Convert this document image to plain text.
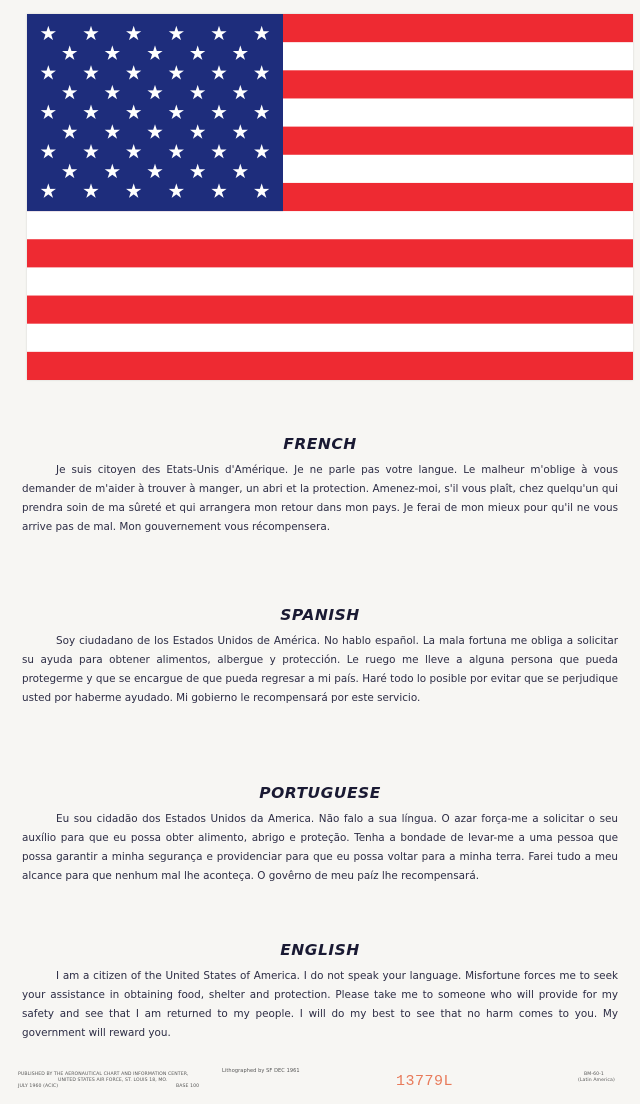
FRENCH

Je suis citoyen des Etats-Unis d'Amérique. Je ne parle pas votre langue. Le malheur m'oblige à vous demander de m'aider à trouver à manger, un abri et la protection. Amenez-moi, s'il vous plaît, chez quelqu'un qui prendra soin de ma sûreté et qui arrangera mon retour dans mon pays. Je ferai de mon mieux pour qu'il ne vous arrive pas de mal. Mon gouvernement vous récompensera.

SPANISH

Soy ciudadano de los Estados Unidos de América. No hablo español. La mala fortuna me obliga a solicitar su ayuda para obtener alimentos, albergue y protección. Le ruego me lleve a alguna persona que pueda protegerme y que se encargue de que pueda regresar a mi país. Haré todo lo posible por evitar que se perjudique usted por haberme ayudado. Mi gobierno le recompensará por este servicio.

PORTUGUESE

Eu sou cidadão dos Estados Unidos da America. Não falo a sua língua. O azar força-me a solicitar o seu auxílio para que eu possa obter alimento, abrigo e proteção. Tenha a bondade de levar-me a uma pessoa que possa garantir a minha segurança e providenciar para que eu possa voltar para a minha terra. Farei tudo a meu alcance para que nenhum mal lhe aconteça. O govêrno de meu paíz lhe recompensará.

ENGLISH

I am a citizen of the United States of America. I do not speak your language. Misfortune forces me to seek your assistance in obtaining food, shelter and protection. Please take me to someone who will provide for my safety and see that I am returned to my people. I will do my best to see that no harm comes to you. My government will reward you.

PUBLISHED BY THE AERONAUTICAL CHART AND INFORMATION CENTER,
UNITED STATES AIR FORCE, ST. LOUIS 18, MO.
JULY 1960 (ACIC)	BASE 100
Lithographed by SF DEC 1961
BM-60-1
(Latin America)
13779L
